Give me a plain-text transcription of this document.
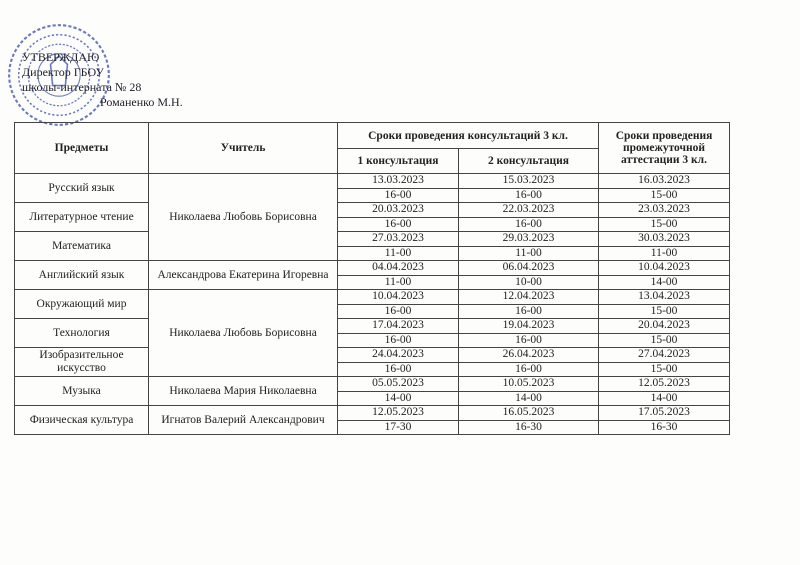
УТВЕРЖДАЮ
Директор ГБОУ
школы-интерната № 28
Романенко М.Н.
Предметы	Учитель	Сроки проведения консультаций 3 кл.		Сроки проведения промежуточной аттестации 3 кл.
		1 консультация	2 консультация	
Русский язык	Николаева Любовь Борисовна	13.03.2023	15.03.2023	16.03.2023
		16-00	16-00	15-00
Литературное чтение		20.03.2023	22.03.2023	23.03.2023
		16-00	16-00	15-00
Математика		27.03.2023	29.03.2023	30.03.2023
		11-00	11-00	11-00
Английский язык	Александрова Екатерина Игоревна	04.04.2023	06.04.2023	10.04.2023
		11-00	10-00	14-00
Окружающий мир	Николаева Любовь Борисовна	10.04.2023	12.04.2023	13.04.2023
		16-00	16-00	15-00
Технология		17.04.2023	19.04.2023	20.04.2023
		16-00	16-00	15-00
Изобразительное искусство		24.04.2023	26.04.2023	27.04.2023
		16-00	16-00	15-00
Музыка	Николаева Мария Николаевна	05.05.2023	10.05.2023	12.05.2023
		14-00	14-00	14-00
Физическая культура	Игнатов Валерий Александрович	12.05.2023	16.05.2023	17.05.2023
		17-30	16-30	16-30
